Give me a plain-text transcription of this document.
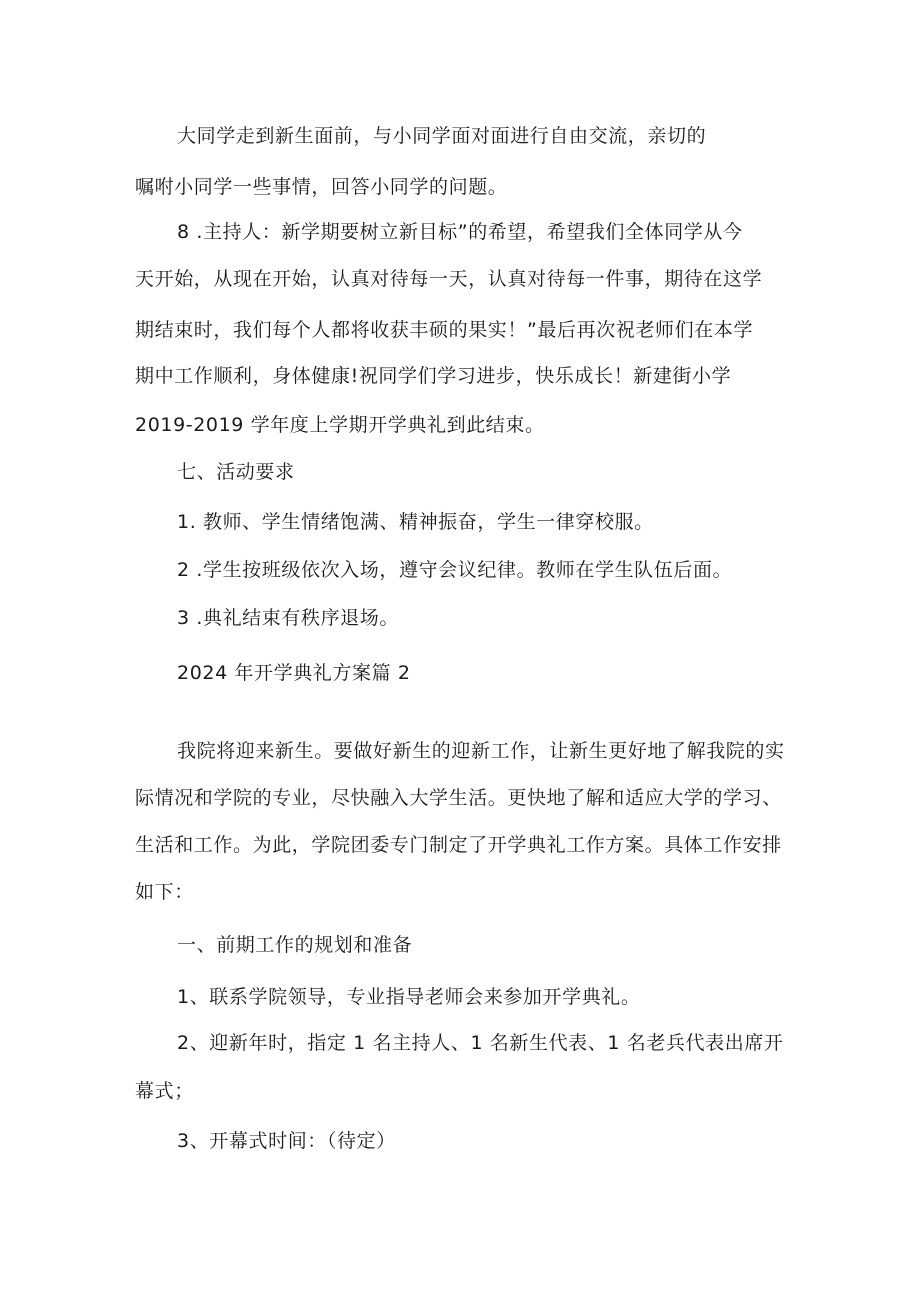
大同学走到新生面前，与小同学面对面进行自由交流，亲切的
嘱咐小同学一些事情，回答小同学的问题。
8 .主持人：新学期要树立新目标”的希望，希望我们全体同学从今
天开始，从现在开始，认真对待每一天，认真对待每一件事，期待在这学
期结束时，我们每个人都将收获丰硕的果实！”最后再次祝老师们在本学
期中工作顺利，身体健康!祝同学们学习进步，快乐成长！新建街小学
2019-2019 学年度上学期开学典礼到此结束。
七、活动要求
1. 教师、学生情绪饱满、精神振奋，学生一律穿校服。
2 .学生按班级依次入场，遵守会议纪律。教师在学生队伍后面。
3 .典礼结束有秩序退场。
2024 年开学典礼方案篇 2
我院将迎来新生。要做好新生的迎新工作，让新生更好地了解我院的实
际情况和学院的专业，尽快融入大学生活。更快地了解和适应大学的学习、
生活和工作。为此，学院团委专门制定了开学典礼工作方案。具体工作安排
如下：
一、前期工作的规划和准备
1、联系学院领导，专业指导老师会来参加开学典礼。
2、迎新年时，指定 1 名主持人、1 名新生代表、1 名老兵代表出席开
幕式；
3、开幕式时间：（待定）
